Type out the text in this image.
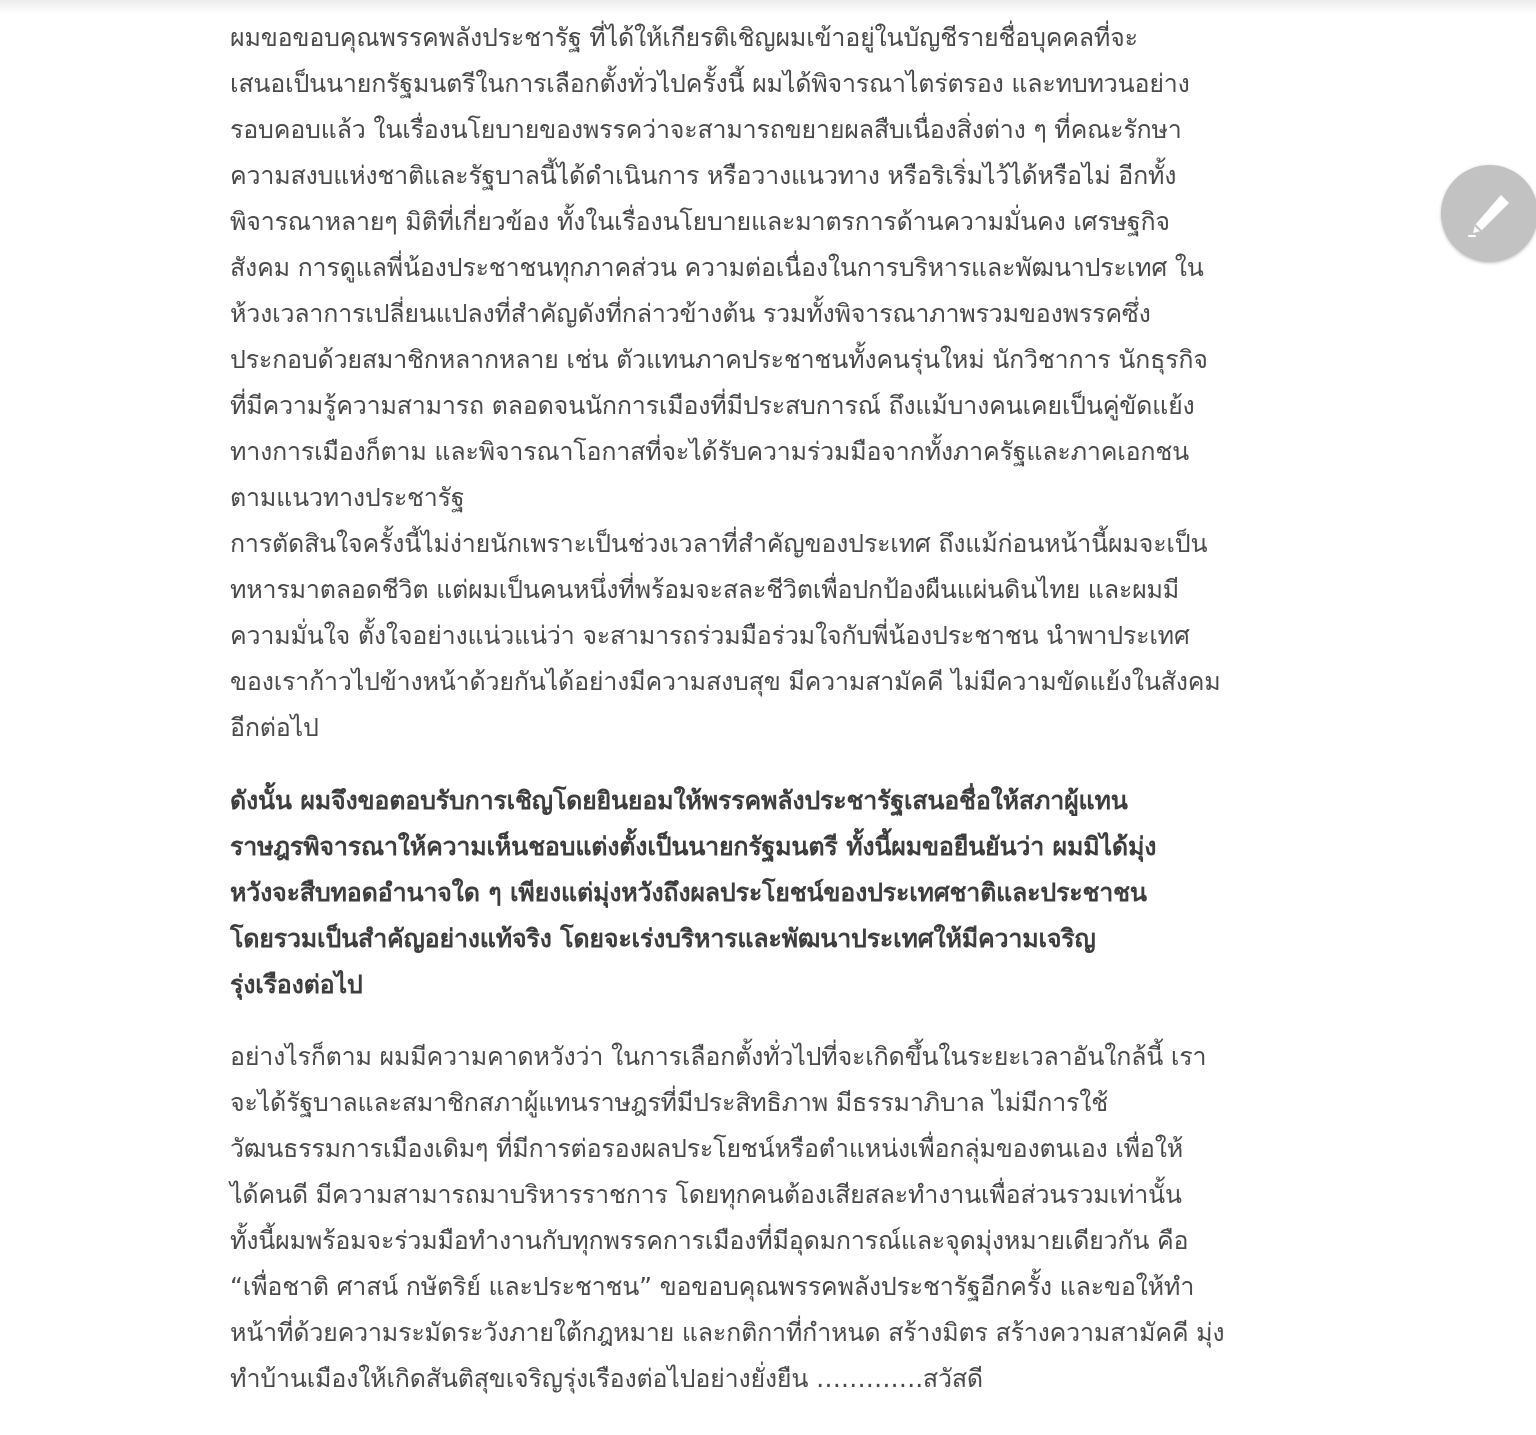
ผมขอขอบคุณพรรคพลังประชารัฐ ที่ได้ให้เกียรติเชิญผมเข้าอยู่ในบัญชีรายชื่อบุคคลที่จะ
เสนอเป็นนายกรัฐมนตรีในการเลือกตั้งทั่วไปครั้งนี้ ผมได้พิจารณาไตร่ตรอง และทบทวนอย่าง
รอบคอบแล้ว ในเรื่องนโยบายของพรรคว่าจะสามารถขยายผลสืบเนื่องสิ่งต่าง ๆ ที่คณะรักษา
ความสงบแห่งชาติและรัฐบาลนี้ได้ดำเนินการ หรือวางแนวทาง หรือริเริ่มไว้ได้หรือไม่ อีกทั้ง
พิจารณาหลายๆ มิติที่เกี่ยวข้อง ทั้งในเรื่องนโยบายและมาตรการด้านความมั่นคง เศรษฐกิจ
สังคม การดูแลพี่น้องประชาชนทุกภาคส่วน ความต่อเนื่องในการบริหารและพัฒนาประเทศ ใน
ห้วงเวลาการเปลี่ยนแปลงที่สำคัญดังที่กล่าวข้างต้น รวมทั้งพิจารณาภาพรวมของพรรคซึ่ง
ประกอบด้วยสมาชิกหลากหลาย เช่น ตัวแทนภาคประชาชนทั้งคนรุ่นใหม่ นักวิชาการ นักธุรกิจ
ที่มีความรู้ความสามารถ ตลอดจนนักการเมืองที่มีประสบการณ์ ถึงแม้บางคนเคยเป็นคู่ขัดแย้ง
ทางการเมืองก็ตาม และพิจารณาโอกาสที่จะได้รับความร่วมมือจากทั้งภาครัฐและภาคเอกชน
ตามแนวทางประชารัฐ

การตัดสินใจครั้งนี้ไม่ง่ายนักเพราะเป็นช่วงเวลาที่สำคัญของประเทศ ถึงแม้ก่อนหน้านี้ผมจะเป็น
ทหารมาตลอดชีวิต แต่ผมเป็นคนหนึ่งที่พร้อมจะสละชีวิตเพื่อปกป้องผืนแผ่นดินไทย และผมมี
ความมั่นใจ ตั้งใจอย่างแน่วแน่ว่า จะสามารถร่วมมือร่วมใจกับพี่น้องประชาชน นำพาประเทศ
ของเราก้าวไปข้างหน้าด้วยกันได้อย่างมีความสงบสุข มีความสามัคคี ไม่มีความขัดแย้งในสังคม
อีกต่อไป

ดังนั้น ผมจึงขอตอบรับการเชิญโดยยินยอมให้พรรคพลังประชารัฐเสนอชื่อให้สภาผู้แทน
ราษฎรพิจารณาให้ความเห็นชอบแต่งตั้งเป็นนายกรัฐมนตรี ทั้งนี้ผมขอยืนยันว่า ผมมิได้มุ่ง
หวังจะสืบทอดอำนาจใด ๆ เพียงแต่มุ่งหวังถึงผลประโยชน์ของประเทศชาติและประชาชน
โดยรวมเป็นสำคัญอย่างแท้จริง โดยจะเร่งบริหารและพัฒนาประเทศให้มีความเจริญ
รุ่งเรืองต่อไป

อย่างไรก็ตาม ผมมีความคาดหวังว่า ในการเลือกตั้งทั่วไปที่จะเกิดขึ้นในระยะเวลาอันใกล้นี้ เรา
จะได้รัฐบาลและสมาชิกสภาผู้แทนราษฎรที่มีประสิทธิภาพ มีธรรมาภิบาล ไม่มีการใช้
วัฒนธรรมการเมืองเดิมๆ ที่มีการต่อรองผลประโยชน์หรือตำแหน่งเพื่อกลุ่มของตนเอง เพื่อให้
ได้คนดี มีความสามารถมาบริหารราชการ โดยทุกคนต้องเสียสละทำงานเพื่อส่วนรวมเท่านั้น
ทั้งนี้ผมพร้อมจะร่วมมือทำงานกับทุกพรรคการเมืองที่มีอุดมการณ์และจุดมุ่งหมายเดียวกัน คือ
“เพื่อชาติ ศาสน์ กษัตริย์ และประชาชน” ขอขอบคุณพรรคพลังประชารัฐอีกครั้ง และขอให้ทำ
หน้าที่ด้วยความระมัดระวังภายใต้กฎหมาย และกติกาที่กำหนด สร้างมิตร สร้างความสามัคคี มุ่ง
ทำบ้านเมืองให้เกิดสันติสุขเจริญรุ่งเรืองต่อไปอย่างยั่งยืน ………….สวัสดี
